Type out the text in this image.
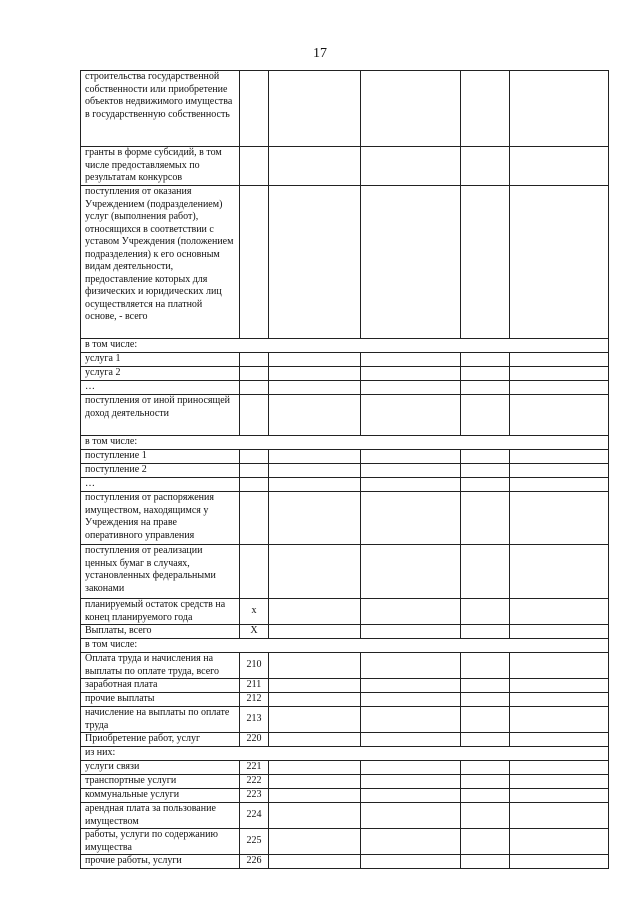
17
строительства государственной собственности или приобретение объектов недвижимого имущества в государственную собственность					
гранты в форме субсидий, в том числе предоставляемых по результатам конкурсов					
поступления от оказания Учреждением (подразделением) услуг (выполнения работ), относящихся в соответствии с уставом Учреждения (положением подразделения) к его основным видам деятельности, предоставление которых для физических и юридических лиц осуществляется на платной основе, - всего					
в том числе:					
услуга 1					
услуга 2					
…					
поступления от иной приносящей доход деятельности					
в том числе:					
поступление 1					
поступление 2					
…					
поступления от распоряжения имуществом, находящимся у Учреждения на праве оперативного управления					
поступления от реализации ценных бумаг в случаях, установленных федеральными законами					
планируемый остаток средств на конец планируемого года	х				
Выплаты, всего	Х				
в том числе:					
Оплата труда и начисления на выплаты по оплате труда, всего	210				
заработная плата	211				
прочие выплаты	212				
начисление на выплаты по оплате труда	213				
Приобретение работ, услуг	220				
из них:					
услуги связи	221				
транспортные услуги	222				
коммунальные услуги	223				
арендная плата за пользование имуществом	224				
работы, услуги по содержанию имущества	225				
прочие работы, услуги	226				
